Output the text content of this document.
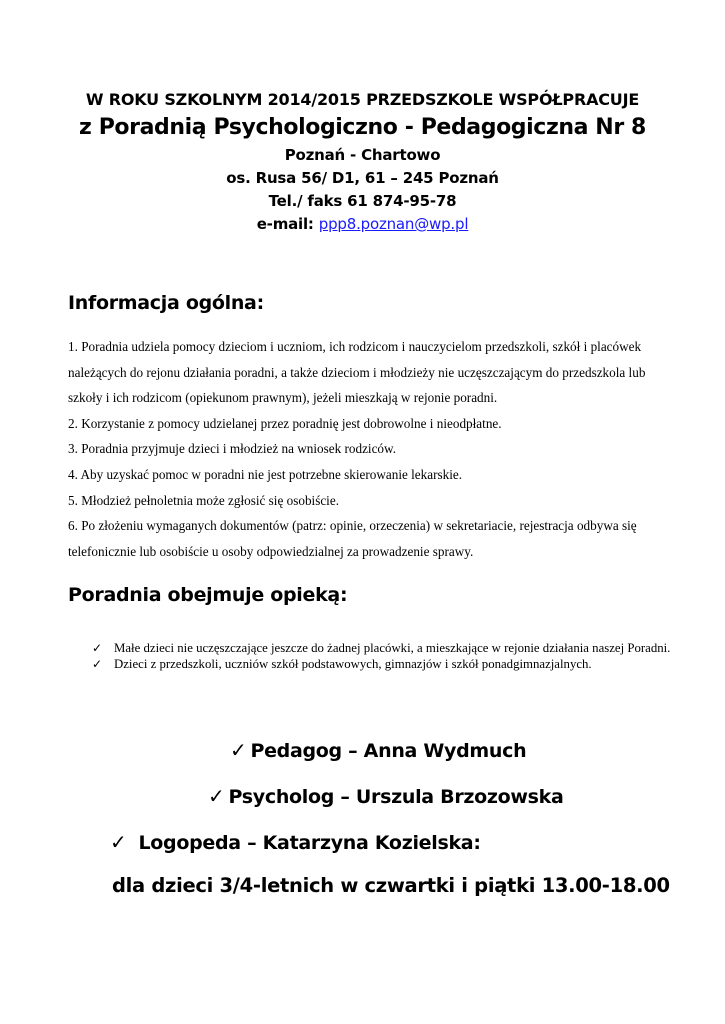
W ROKU SZKOLNYM 2014/2015 PRZEDSZKOLE WSPÓŁPRACUJE
z Poradnią Psychologiczno - Pedagogiczna Nr 8
Poznań - Chartowo
os. Rusa 56/ D1, 61 – 245 Poznań
Tel./ faks 61 874-95-78
e-mail: ppp8.poznan@wp.pl
Informacja ogólna:

1. Poradnia udziela pomocy dzieciom i uczniom, ich rodzicom i nauczycielom przedszkoli, szkół i placówek należących do rejonu działania poradni, a także dzieciom i młodzieży nie uczęszczającym do przedszkola lub szkoły i ich rodzicom (opiekunom prawnym), jeżeli mieszkają w rejonie poradni.

2. Korzystanie z pomocy udzielanej przez poradnię jest dobrowolne i nieodpłatne.

3. Poradnia przyjmuje dzieci i młodzież na wniosek rodziców.

4. Aby uzyskać pomoc w poradni nie jest potrzebne skierowanie lekarskie.

5. Młodzież pełnoletnia może zgłosić się osobiście.

6. Po złożeniu wymaganych dokumentów (patrz: opinie, orzeczenia) w sekretariacie, rejestracja odbywa się telefonicznie lub osobiście u osoby odpowiedzialnej za prowadzenie sprawy.

Poradnia obejmuje opieką:
✓ Małe dzieci nie uczęszczające jeszcze do żadnej placówki, a mieszkające w rejonie działania naszej Poradni.
✓ Dzieci z przedszkoli, uczniów szkół podstawowych, gimnazjów i szkół ponadgimnazjalnych.
✓ Pedagog – Anna Wydmuch
✓ Psycholog – Urszula Brzozowska
✓ Logopeda – Katarzyna Kozielska:
dla dzieci 3/4-letnich w czwartki i piątki 13.00-18.00
